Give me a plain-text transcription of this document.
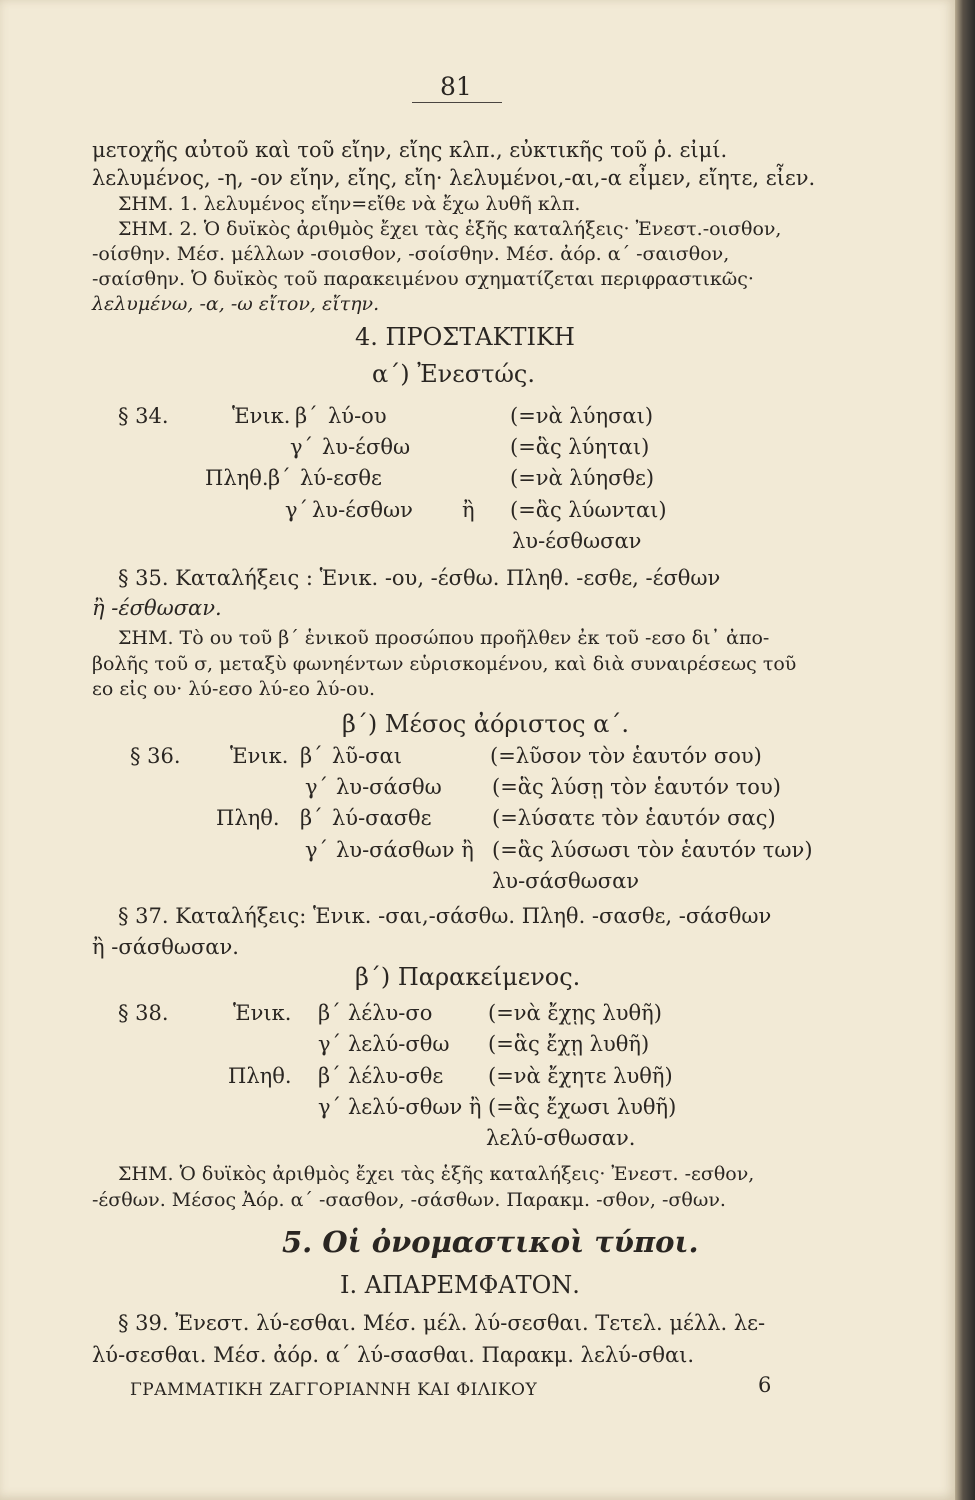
81
μετοχῆς αὐτοῦ καὶ τοῦ εἴην, εἴης κλπ., εὐκτικῆς τοῦ ῥ. εἰμί.
λελυμένος, -η, -ον εἴην, εἴης, εἴη· λελυμένοι,-αι,-α εἶμεν, εἴητε, εἶεν.
ΣΗΜ. 1. λελυμένος εἴην=εἴθε νὰ ἔχω λυθῆ κλπ.
ΣΗΜ. 2. Ὁ δυϊκὸς ἀριθμὸς ἔχει τὰς ἑξῆς καταλήξεις· Ἐνεστ.-οισθον,
-οίσθην. Μέσ. μέλλων -σοισθον, -σοίσθην. Μέσ. ἀόρ. α´ -σαισθον,
-σαίσθην. Ὁ δυϊκὸς τοῦ παρακειμένου σχηματίζεται περιφραστικῶς·
λελυμένω, -α, -ω εἴτον, εἴτην.
4. ΠΡΟΣΤΑΚΤΙΚΗ
α´) Ἐνεστώς.
§ 34.	Ἑνικ. β´ λύ-ου	(=νὰ λύησαι)
γ´ λυ-έσθω	(=ἃς λύηται)
Πληθ. β´ λύ-εσθε	(=νὰ λύησθε)
γ´ λυ-έσθων ἢ (=ἃς λύωνται)
λυ-έσθωσαν
§ 35. Καταλήξεις : Ἑνικ. -ου, -έσθω. Πληθ. -εσθε, -έσθων
ἢ -έσθωσαν.
ΣΗΜ. Τὸ ου τοῦ β´ ἑνικοῦ προσώπου προῆλθεν ἐκ τοῦ -εσο δι᾽ ἀπο-
βολῆς τοῦ σ, μεταξὺ φωνηέντων εὑρισκομένου, καὶ διὰ συναιρέσεως τοῦ
εο εἰς ου· λύ-εσο λύ-εο λύ-ου.
β´) Μέσος ἀόριστος α´.
§ 36. Ἑνικ. β´ λῦ-σαι	(=λῦσον τὸν ἑαυτόν σου)
γ´ λυ-σάσθω (=ἃς λύσῃ τὸν ἑαυτόν του)
Πληθ. β´ λύ-σασθε	(=λύσατε τὸν ἑαυτόν σας)
γ´ λυ-σάσθων ἢ (=ἃς λύσωσι τὸν ἑαυτόν των)
λυ-σάσθωσαν
§ 37. Καταλήξεις: Ἑνικ. -σαι,-σάσθω. Πληθ. -σασθε, -σάσθων
ἢ -σάσθωσαν.
β´) Παρακείμενος.
§ 38.	Ἑνικ. β´ λέλυ-σο	(=νὰ ἔχῃς λυθῆ)
γ´ λελύ-σθω (=ἃς ἔχῃ λυθῆ)
Πληθ. β´ λέλυ-σθε (=νὰ ἔχητε λυθῆ)
γ´ λελύ-σθων ἢ (=ἃς ἔχωσι λυθῆ)
λελύ-σθωσαν.
ΣΗΜ. Ὁ δυϊκὸς ἀριθμὸς ἔχει τὰς ἑξῆς καταλήξεις· Ἐνεστ. -εσθον,
-έσθων. Μέσος Ἀόρ. α´ -σασθον, -σάσθων. Παρακμ. -σθον, -σθων.
5. Οἱ ὀνομαστικοὶ τύποι.
Ι. ΑΠΑΡΕΜΦΑΤΟΝ.
§ 39. Ἐνεστ. λύ-εσθαι. Μέσ. μέλ. λύ-σεσθαι. Τετελ. μέλλ. λε-
λύ-σεσθαι. Μέσ. ἀόρ. α´ λύ-σασθαι. Παρακμ. λελύ-σθαι.
ΓΡΑΜΜΑΤΙΚΗ ΖΑΓΓΟΡΙΑΝΝΗ ΚΑΙ ΦΙΛΙΚΟΥ	6
